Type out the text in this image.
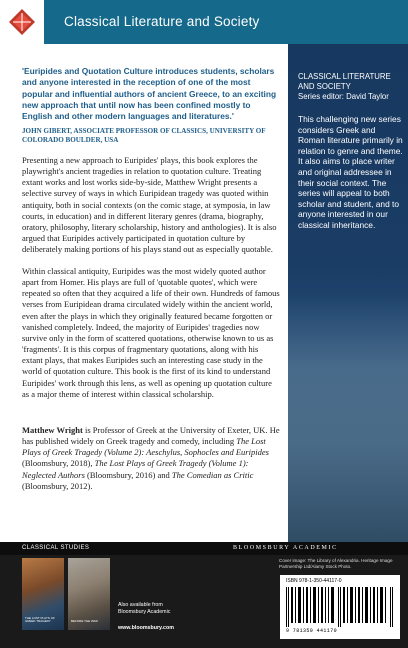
Classical Literature and Society
'Euripides and Quotation Culture introduces students, scholars and anyone interested in the reception of one of the most popular and influential authors of ancient Greece, to an exciting new approach that until now has been confined mostly to English and other modern languages and literatures.'
JOHN GIBERT, ASSOCIATE PROFESSOR OF CLASSICS, UNIVERSITY OF COLORADO BOULDER, USA
Presenting a new approach to Euripides' plays, this book explores the playwright's ancient tragedies in relation to quotation culture. Treating extant works and lost works side-by-side, Matthew Wright presents a selective survey of ways in which Euripidean tragedy was quoted within antiquity, both in social contexts (on the comic stage, at symposia, in law courts, in education) and in different literary genres (drama, biography, oratory, philosophy, literary scholarship, history and anthologies). It is also argued that Euripides actively participated in quotation culture by deliberately making portions of his plays stand out as especially quotable.
Within classical antiquity, Euripides was the most widely quoted author apart from Homer. His plays are full of 'quotable quotes', which were repeated so often that they acquired a life of their own. Hundreds of famous verses from Euripidean drama circulated widely within the ancient world, even after the plays in which they originally featured became forgotten or vanished completely. Indeed, the majority of Euripides' tragedies now survive only in the form of scattered quotations, otherwise known to us as 'fragments'. It is this corpus of fragmentary quotations, along with his extant plays, that makes Euripides such an interesting case study in the world of quotation culture. This book is the first of its kind to understand Euripides' work through this lens, as well as opening up quotation culture as a major theme of interest within classical scholarship.
Matthew Wright is Professor of Greek at the University of Exeter, UK. He has published widely on Greek tragedy and comedy, including The Lost Plays of Greek Tragedy (Volume 2): Aeschylus, Sophocles and Euripides (Bloomsbury, 2018), The Lost Plays of Greek Tragedy (Volume 1): Neglected Authors (Bloomsbury, 2016) and The Comedian as Critic (Bloomsbury, 2012).
CLASSICAL LITERATURE AND SOCIETY
Series editor: David Taylor
This challenging new series considers Greek and Roman literature primarily in relation to genre and theme. It also aims to place writer and original addressee in their social context. The series will appeal to both scholar and student, and to anyone interested in our classical inheritance.
CLASSICAL STUDIES	BLOOMSBURY ACADEMIC
THE LOST PLAYS OF GREEK TRAGEDY	BEFORE THE WAR
Also available from Bloomsbury Academic
www.bloomsbury.com
Cover image: The Library of Alexandria. Heritage Image Partnership Ltd/Alamy Stock Photo.
ISBN 978-1-350-44117-0
9 781350 441170
